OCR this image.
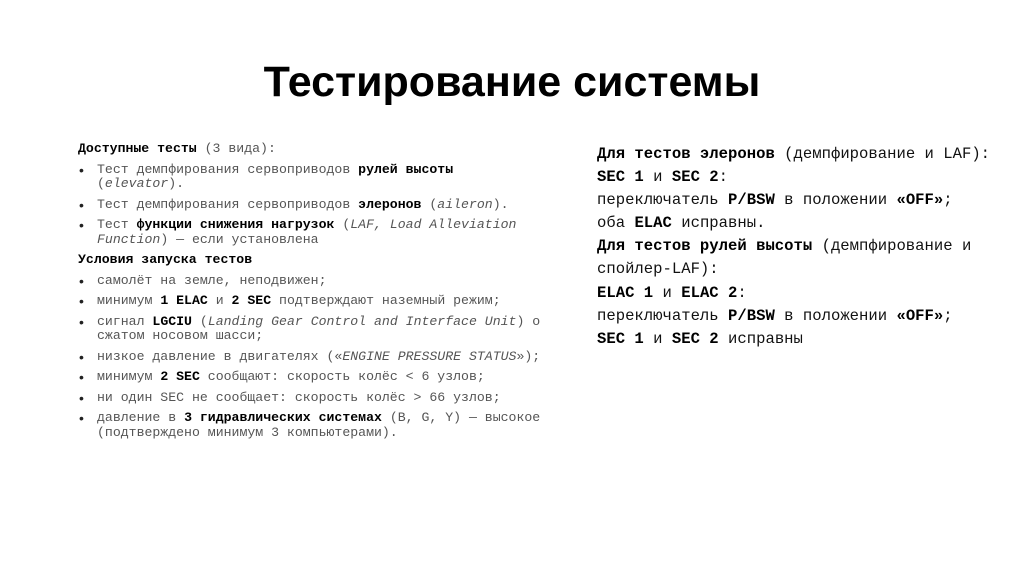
Тестирование системы
Доступные тесты (3 вида):
• Тест демпфирования сервоприводов рулей высоты (elevator).
• Тест демпфирования сервоприводов элеронов (aileron).
• Тест функции снижения нагрузок (LAF, Load Alleviation Function) — если установлена
Условия запуска тестов
• самолёт на земле, неподвижен;
• минимум 1 ELAC и 2 SEC подтверждают наземный режим;
• сигнал LGCIU (Landing Gear Control and Interface Unit) о сжатом носовом шасси;
• низкое давление в двигателях («ENGINE PRESSURE STATUS»);
• минимум 2 SEC сообщают: скорость колёс < 6 узлов;
• ни один SEC не сообщает: скорость колёс > 66 узлов;
• давление в 3 гидравлических системах (B, G, Y) — высокое (подтверждено минимум 3 компьютерами).

Для тестов элеронов (демпфирование и LAF):

SEC 1 и SEC 2:

переключатель P/BSW в положении «OFF»;

оба ELAC исправны.

Для тестов рулей высоты (демпфирование и спойлер-LAF):

ELAC 1 и ELAC 2:

переключатель P/BSW в положении «OFF»;

SEC 1 и SEC 2 исправны
